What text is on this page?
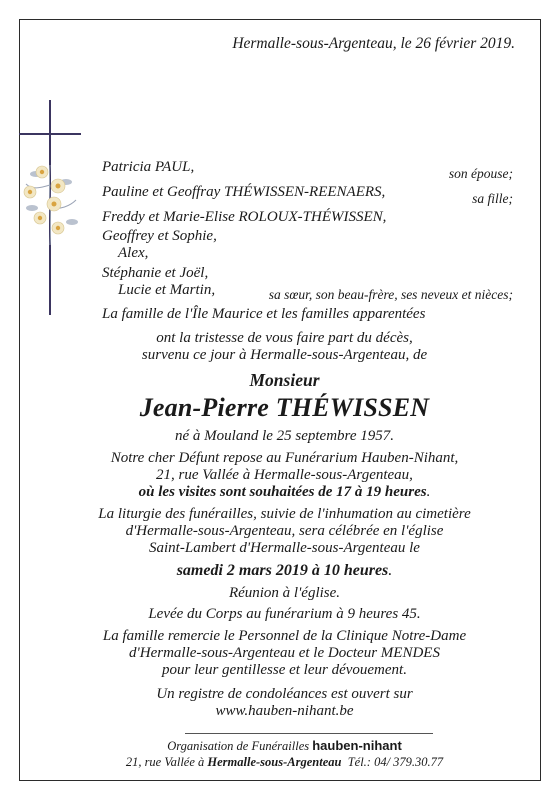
Hermalle-sous-Argenteau, le 26 février 2019.
Patricia PAUL,	son épouse;
Pauline et Geoffray THÉWISSEN-REENAERS,	sa fille;
Freddy et Marie-Elise ROLOUX-THÉWISSEN,
Geoffrey et Sophie,
Alex,
Stéphanie et Joël,
Lucie et Martin,	sa sœur, son beau-frère, ses neveux et nièces;
La famille de l'Île Maurice et les familles apparentées
ont la tristesse de vous faire part du décès,
survenu ce jour à Hermalle-sous-Argenteau, de
Monsieur
Jean-Pierre THÉWISSEN
né à Mouland le 25 septembre 1957.
Notre cher Défunt repose au Funérarium Hauben-Nihant,
21, rue Vallée à Hermalle-sous-Argenteau,
où les visites sont souhaitées de 17 à 19 heures.
La liturgie des funérailles, suivie de l'inhumation au cimetière
d'Hermalle-sous-Argenteau, sera célébrée en l'église
Saint-Lambert d'Hermalle-sous-Argenteau le
samedi 2 mars 2019 à 10 heures.
Réunion à l'église.
Levée du Corps au funérarium à 9 heures 45.
La famille remercie le Personnel de la Clinique Notre-Dame
d'Hermalle-sous-Argenteau et le Docteur MENDES
pour leur gentillesse et leur dévouement.
Un registre de condoléances est ouvert sur
www.hauben-nihant.be
Organisation de Funérailles hauben-nihant
21, rue Vallée à Hermalle-sous-Argenteau Tél.: 04/ 379.30.77
